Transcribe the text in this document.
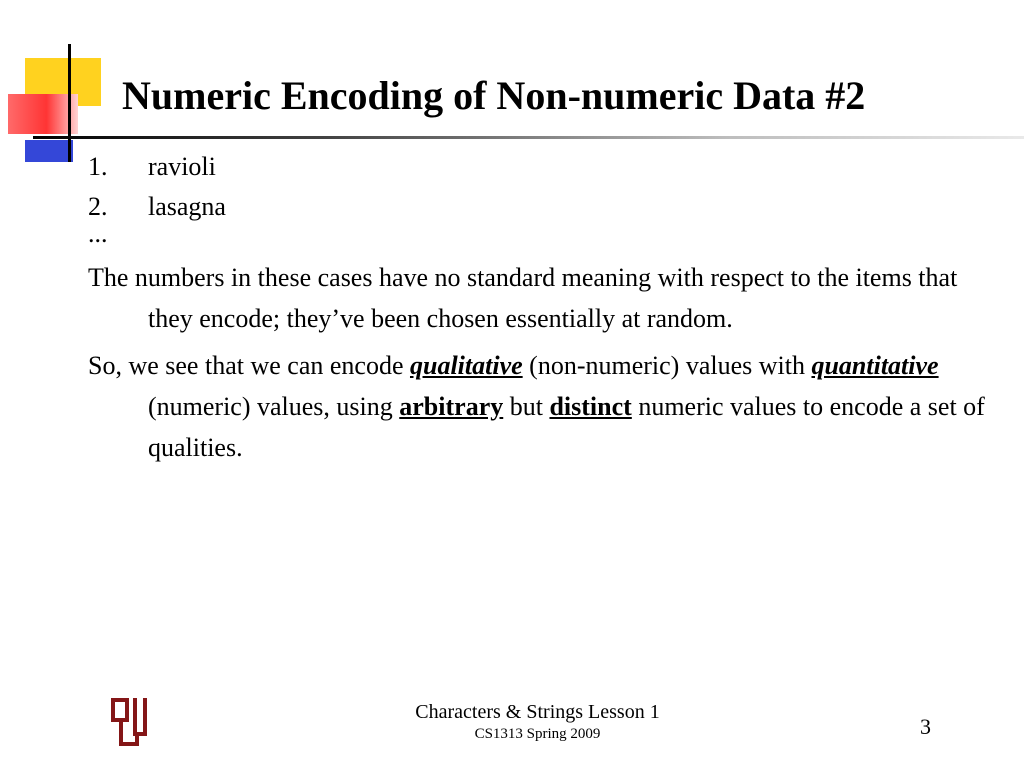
Numeric Encoding of Non-numeric Data #2
1. ravioli
2. lasagna
...
The numbers in these cases have no standard meaning with respect to the items that they encode; they’ve been chosen essentially at random.
So, we see that we can encode qualitative (non-numeric) values with quantitative (numeric) values, using arbitrary but distinct numeric values to encode a set of qualities.
Characters & Strings Lesson 1
CS1313 Spring 2009	3
